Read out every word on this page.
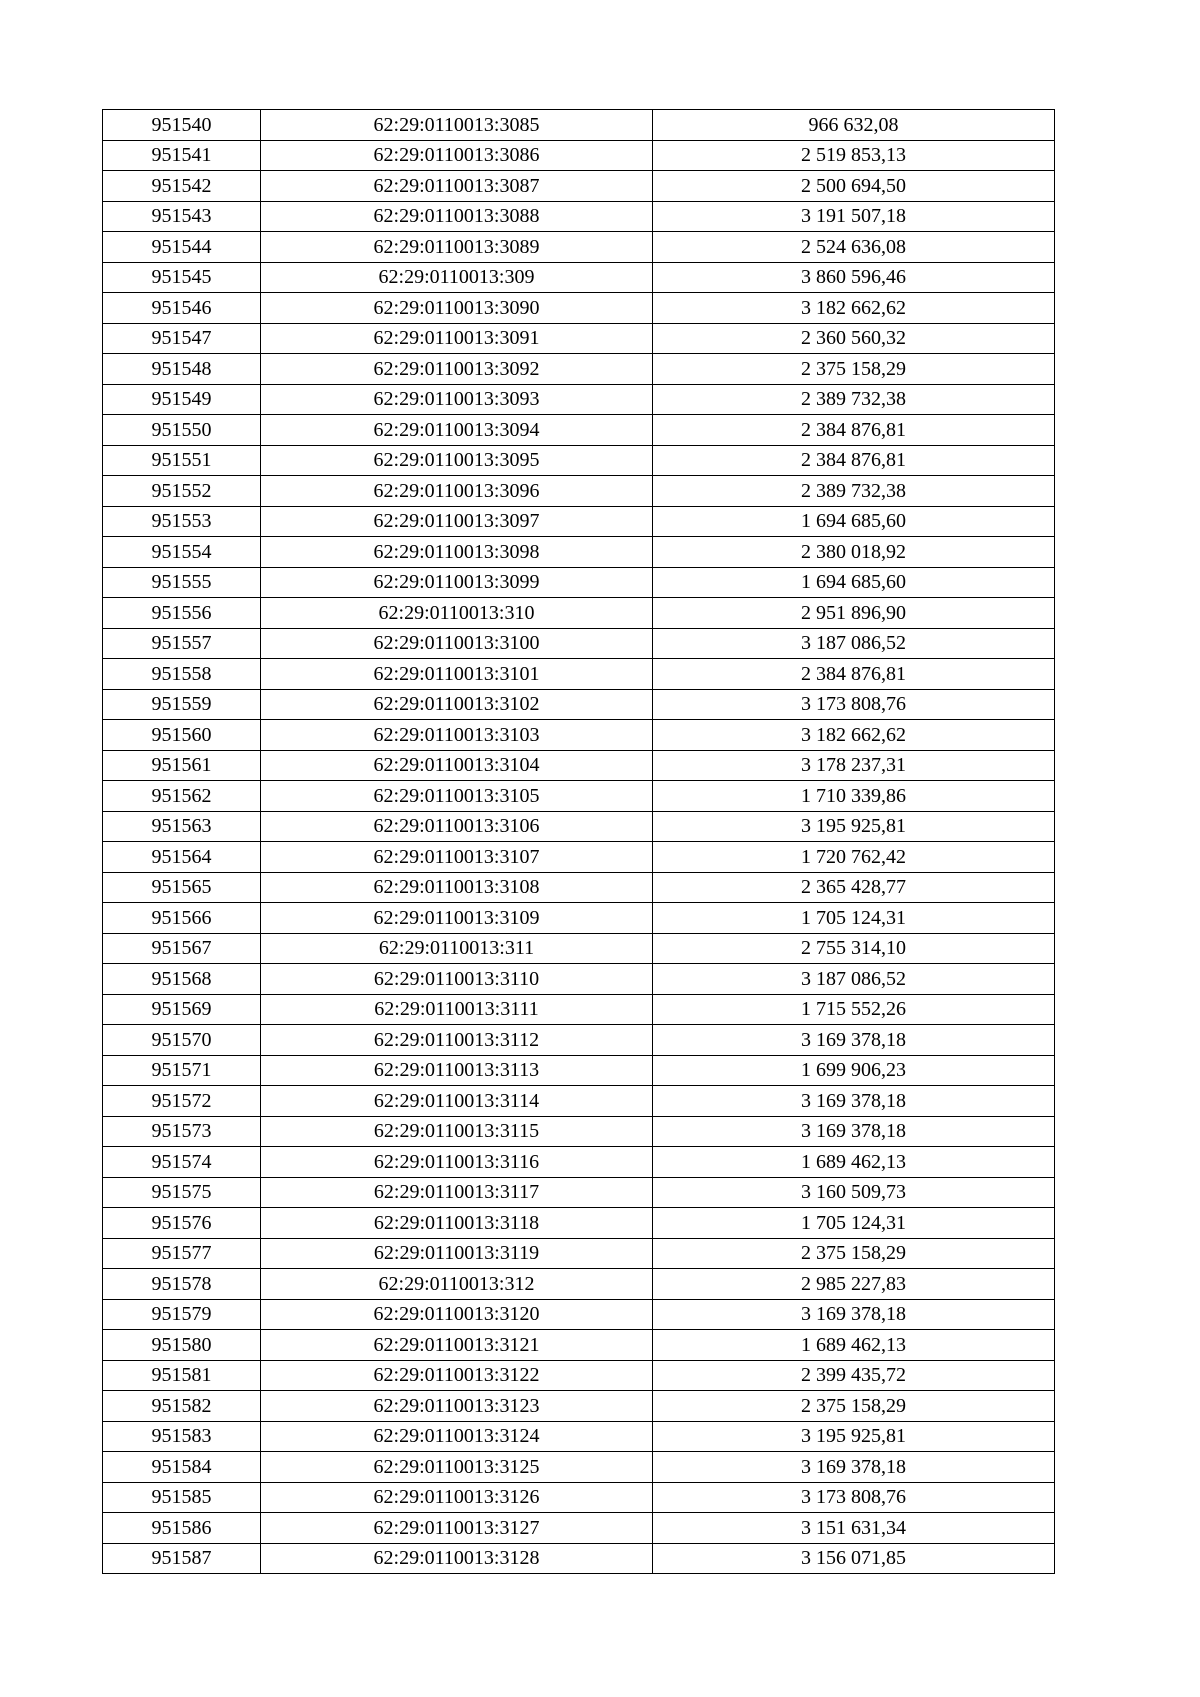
951540	62:29:0110013:3085	966 632,08
951541	62:29:0110013:3086	2 519 853,13
951542	62:29:0110013:3087	2 500 694,50
951543	62:29:0110013:3088	3 191 507,18
951544	62:29:0110013:3089	2 524 636,08
951545	62:29:0110013:309	3 860 596,46
951546	62:29:0110013:3090	3 182 662,62
951547	62:29:0110013:3091	2 360 560,32
951548	62:29:0110013:3092	2 375 158,29
951549	62:29:0110013:3093	2 389 732,38
951550	62:29:0110013:3094	2 384 876,81
951551	62:29:0110013:3095	2 384 876,81
951552	62:29:0110013:3096	2 389 732,38
951553	62:29:0110013:3097	1 694 685,60
951554	62:29:0110013:3098	2 380 018,92
951555	62:29:0110013:3099	1 694 685,60
951556	62:29:0110013:310	2 951 896,90
951557	62:29:0110013:3100	3 187 086,52
951558	62:29:0110013:3101	2 384 876,81
951559	62:29:0110013:3102	3 173 808,76
951560	62:29:0110013:3103	3 182 662,62
951561	62:29:0110013:3104	3 178 237,31
951562	62:29:0110013:3105	1 710 339,86
951563	62:29:0110013:3106	3 195 925,81
951564	62:29:0110013:3107	1 720 762,42
951565	62:29:0110013:3108	2 365 428,77
951566	62:29:0110013:3109	1 705 124,31
951567	62:29:0110013:311	2 755 314,10
951568	62:29:0110013:3110	3 187 086,52
951569	62:29:0110013:3111	1 715 552,26
951570	62:29:0110013:3112	3 169 378,18
951571	62:29:0110013:3113	1 699 906,23
951572	62:29:0110013:3114	3 169 378,18
951573	62:29:0110013:3115	3 169 378,18
951574	62:29:0110013:3116	1 689 462,13
951575	62:29:0110013:3117	3 160 509,73
951576	62:29:0110013:3118	1 705 124,31
951577	62:29:0110013:3119	2 375 158,29
951578	62:29:0110013:312	2 985 227,83
951579	62:29:0110013:3120	3 169 378,18
951580	62:29:0110013:3121	1 689 462,13
951581	62:29:0110013:3122	2 399 435,72
951582	62:29:0110013:3123	2 375 158,29
951583	62:29:0110013:3124	3 195 925,81
951584	62:29:0110013:3125	3 169 378,18
951585	62:29:0110013:3126	3 173 808,76
951586	62:29:0110013:3127	3 151 631,34
951587	62:29:0110013:3128	3 156 071,85
